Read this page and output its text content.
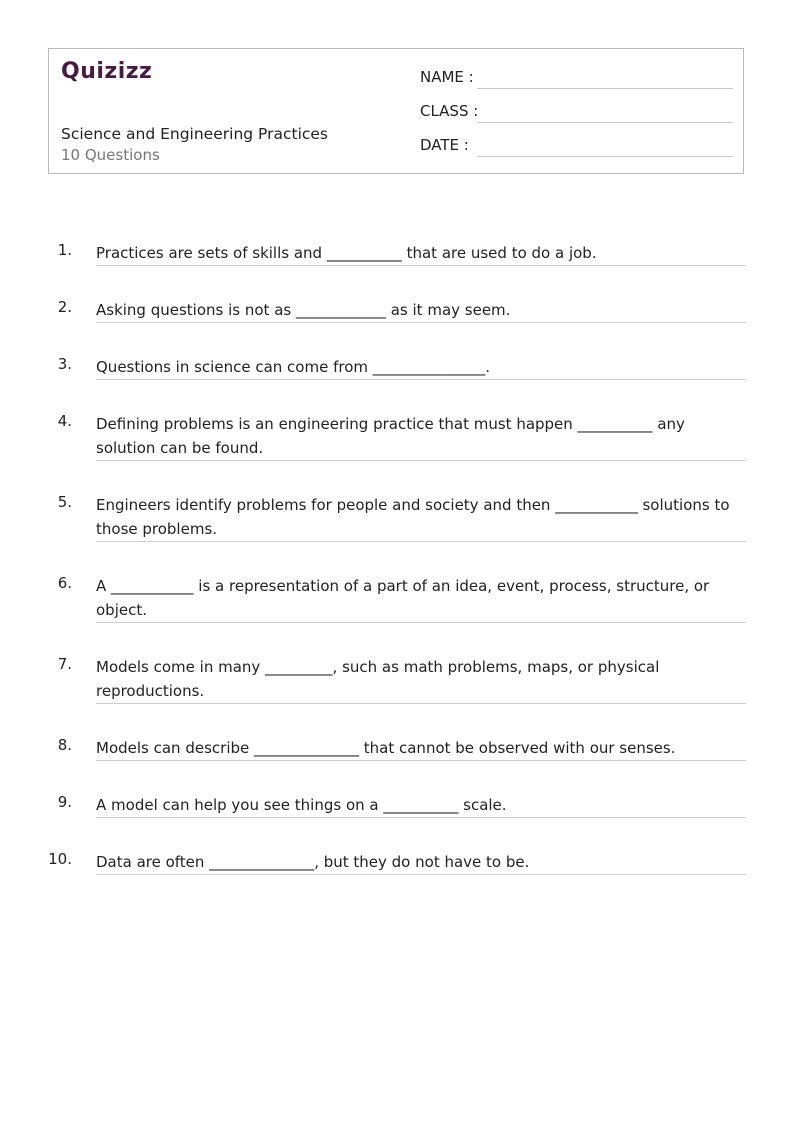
Quizizz
Science and Engineering Practices
10 Questions
NAME :
CLASS :
DATE :
1. Practices are sets of skills and __________ that are used to do a job.
2. Asking questions is not as ____________ as it may seem.
3. Questions in science can come from _______________.
4. Defining problems is an engineering practice that must happen __________ any solution can be found.
5. Engineers identify problems for people and society and then ___________ solutions to those problems.
6. A ___________ is a representation of a part of an idea, event, process, structure, or object.
7. Models come in many _________, such as math problems, maps, or physical reproductions.
8. Models can describe ______________ that cannot be observed with our senses.
9. A model can help you see things on a __________ scale.
10. Data are often ______________, but they do not have to be.
